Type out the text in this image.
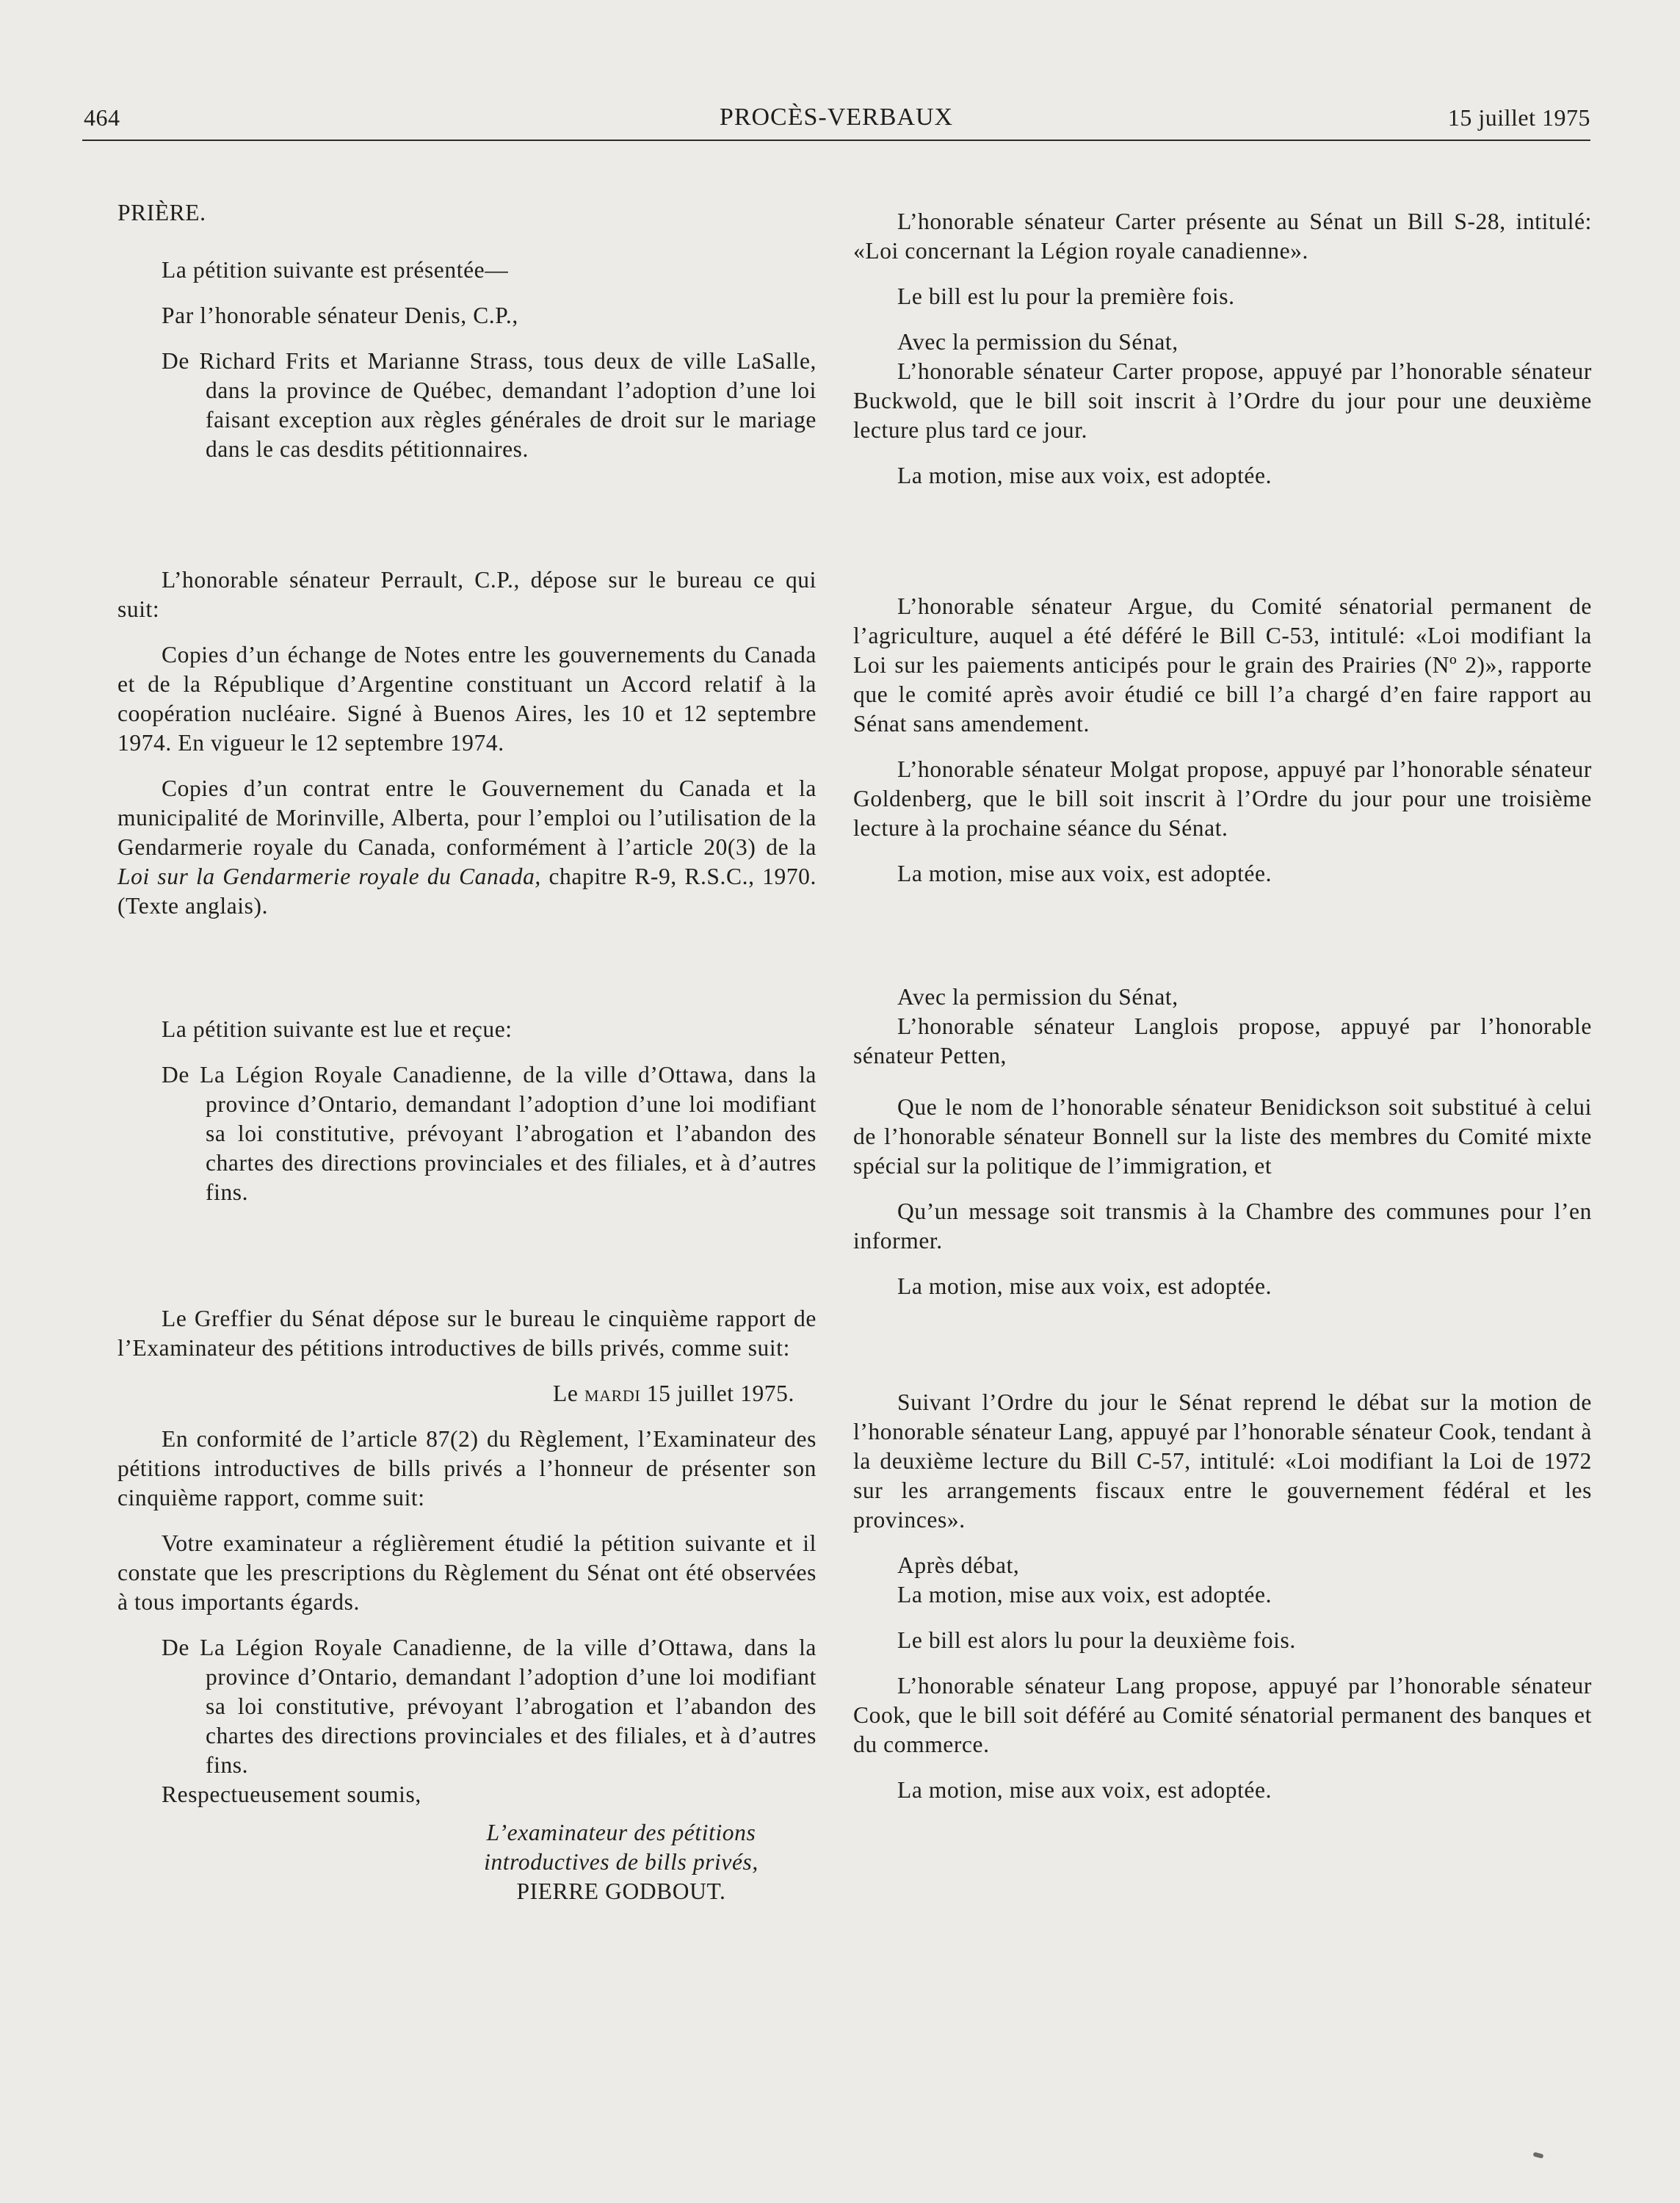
464	PROCÈS-VERBAUX	15 juillet 1975

PRIÈRE.

La pétition suivante est présentée—

Par l’honorable sénateur Denis, C.P.,

De Richard Frits et Marianne Strass, tous deux de ville LaSalle, dans la province de Québec, demandant l’adoption d’une loi faisant exception aux règles générales de droit sur le mariage dans le cas desdits pétitionnaires.

L’honorable sénateur Perrault, C.P., dépose sur le bureau ce qui suit:

Copies d’un échange de Notes entre les gouvernements du Canada et de la République d’Argentine constituant un Accord relatif à la coopération nucléaire. Signé à Buenos Aires, les 10 et 12 septembre 1974. En vigueur le 12 septembre 1974.

Copies d’un contrat entre le Gouvernement du Canada et la municipalité de Morinville, Alberta, pour l’emploi ou l’utilisation de la Gendarmerie royale du Canada, conformément à l’article 20(3) de la Loi sur la Gendarmerie royale du Canada, chapitre R-9, R.S.C., 1970. (Texte anglais).

La pétition suivante est lue et reçue:

De La Légion Royale Canadienne, de la ville d’Ottawa, dans la province d’Ontario, demandant l’adoption d’une loi modifiant sa loi constitutive, prévoyant l’abrogation et l’abandon des chartes des directions provinciales et des filiales, et à d’autres fins.

Le Greffier du Sénat dépose sur le bureau le cinquième rapport de l’Examinateur des pétitions introductives de bills privés, comme suit:

Le mardi 15 juillet 1975.

En conformité de l’article 87(2) du Règlement, l’Examinateur des pétitions introductives de bills privés a l’honneur de présenter son cinquième rapport, comme suit:

Votre examinateur a réglièrement étudié la pétition suivante et il constate que les prescriptions du Règlement du Sénat ont été observées à tous importants égards.

De La Légion Royale Canadienne, de la ville d’Ottawa, dans la province d’Ontario, demandant l’adoption d’une loi modifiant sa loi constitutive, prévoyant l’abrogation et l’abandon des chartes des directions provinciales et des filiales, et à d’autres fins.

Respectueusement soumis,

L’examinateur des pétitions

introductives de bills privés,

PIERRE GODBOUT.

L’honorable sénateur Carter présente au Sénat un Bill S-28, intitulé: «Loi concernant la Légion royale canadienne».

Le bill est lu pour la première fois.

Avec la permission du Sénat,

L’honorable sénateur Carter propose, appuyé par l’honorable sénateur Buckwold, que le bill soit inscrit à l’Ordre du jour pour une deuxième lecture plus tard ce jour.

La motion, mise aux voix, est adoptée.

L’honorable sénateur Argue, du Comité sénatorial permanent de l’agriculture, auquel a été déféré le Bill C-53, intitulé: «Loi modifiant la Loi sur les paiements anticipés pour le grain des Prairies (Nº 2)», rapporte que le comité après avoir étudié ce bill l’a chargé d’en faire rapport au Sénat sans amendement.

L’honorable sénateur Molgat propose, appuyé par l’honorable sénateur Goldenberg, que le bill soit inscrit à l’Ordre du jour pour une troisième lecture à la prochaine séance du Sénat.

La motion, mise aux voix, est adoptée.

Avec la permission du Sénat,

L’honorable sénateur Langlois propose, appuyé par l’honorable sénateur Petten,

Que le nom de l’honorable sénateur Benidickson soit substitué à celui de l’honorable sénateur Bonnell sur la liste des membres du Comité mixte spécial sur la politique de l’immigration, et

Qu’un message soit transmis à la Chambre des communes pour l’en informer.

La motion, mise aux voix, est adoptée.

Suivant l’Ordre du jour le Sénat reprend le débat sur la motion de l’honorable sénateur Lang, appuyé par l’honorable sénateur Cook, tendant à la deuxième lecture du Bill C-57, intitulé: «Loi modifiant la Loi de 1972 sur les arrangements fiscaux entre le gouvernement fédéral et les provinces».

Après débat,

La motion, mise aux voix, est adoptée.

Le bill est alors lu pour la deuxième fois.

L’honorable sénateur Lang propose, appuyé par l’honorable sénateur Cook, que le bill soit déféré au Comité sénatorial permanent des banques et du commerce.

La motion, mise aux voix, est adoptée.
